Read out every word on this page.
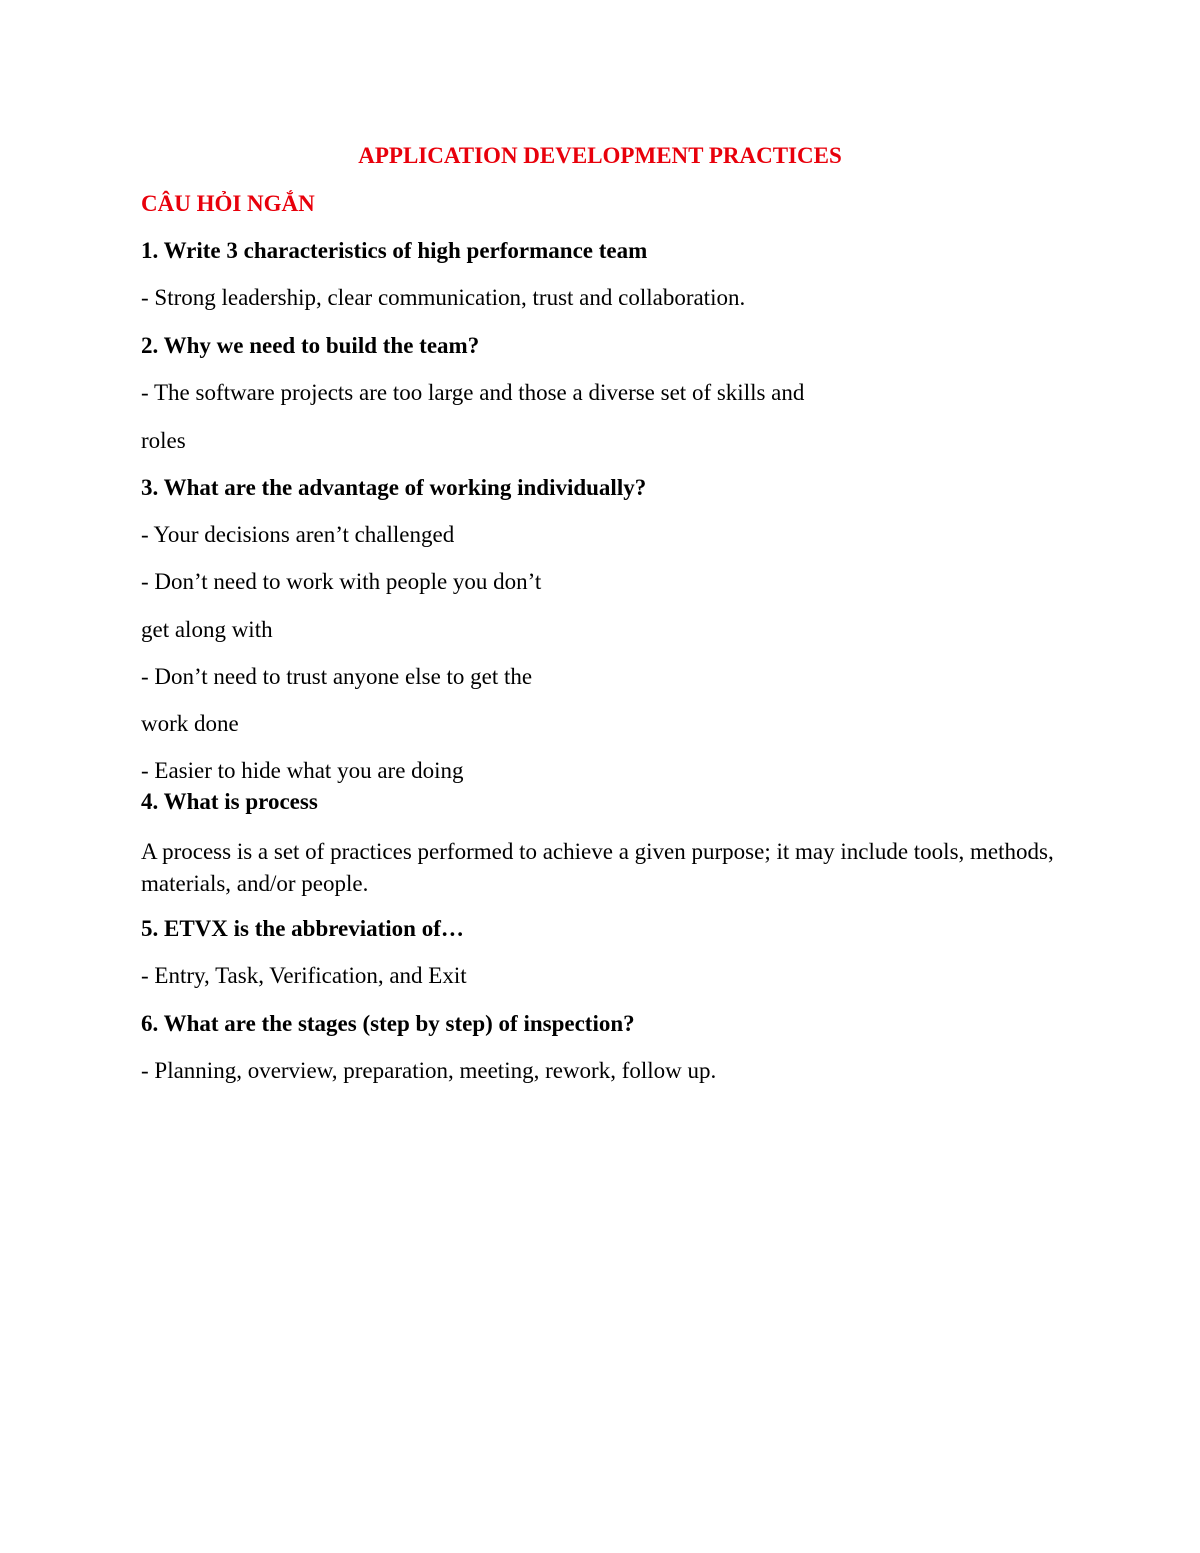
APPLICATION DEVELOPMENT PRACTICES
CÂU HỎI NGẮN
1. Write 3 characteristics of high performance team
- Strong leadership, clear communication, trust and collaboration.
2. Why we need to build the team?
- The software projects are too large and those a diverse set of skills and
roles
3. What are the advantage of working individually?
- Your decisions aren’t challenged
- Don’t need to work with people you don’t
get along with
- Don’t need to trust anyone else to get the
work done
- Easier to hide what you are doing
4. What is process
A process is a set of practices performed to achieve a given purpose; it may include tools, methods, materials, and/or people.
5. ETVX is the abbreviation of…
- Entry, Task, Verification, and Exit
6. What are the stages (step by step) of inspection?
- Planning, overview, preparation, meeting, rework, follow up.
